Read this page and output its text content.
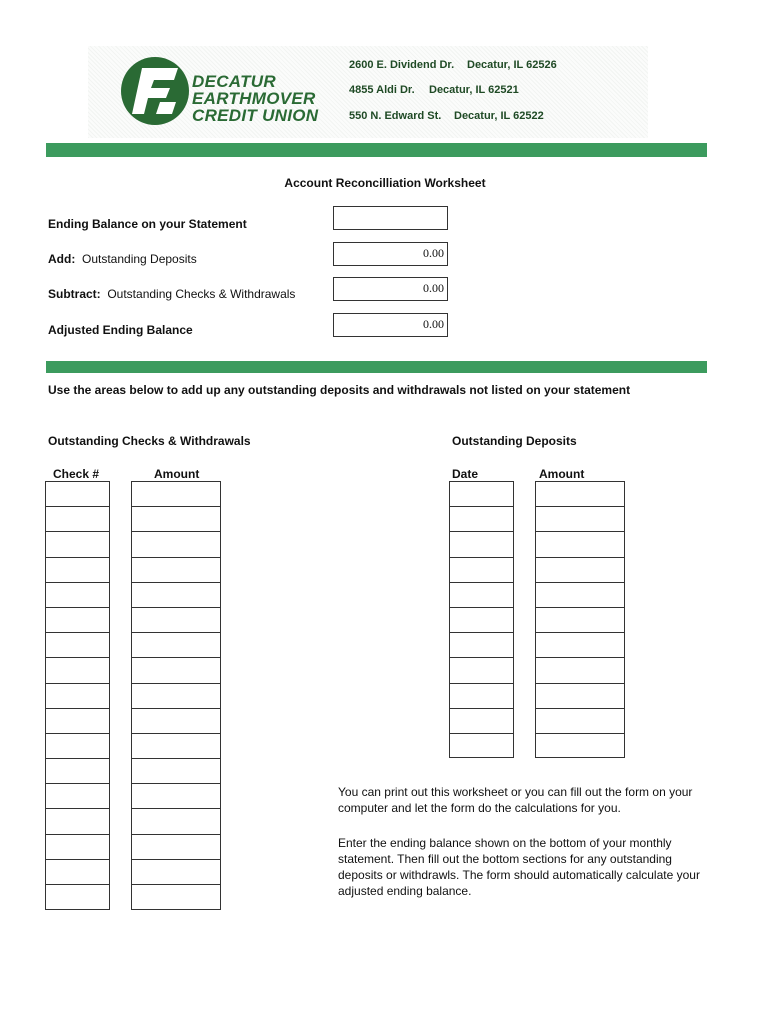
DECATUR
EARTHMOVER
CREDIT UNION
2600 E. Dividend Dr. Decatur, IL 62526
4855 Aldi Dr. Decatur, IL 62521
550 N. Edward St. Decatur, IL 62522
Account Reconcilliation Worksheet
Ending Balance on your Statement
Add: Outstanding Deposits	0.00
Subtract: Outstanding Checks & Withdrawals	0.00
Adjusted Ending Balance	0.00
Use the areas below to add up any outstanding deposits and withdrawals not listed on your statement
Outstanding Checks & Withdrawals
Check #	Amount
Outstanding Deposits
Date	Amount
You can print out this worksheet or you can fill out the form on your computer and let the form do the calculations for you.
Enter the ending balance shown on the bottom of your monthly statement. Then fill out the bottom sections for any outstanding deposits or withdrawls. The form should automatically calculate your adjusted ending balance.
